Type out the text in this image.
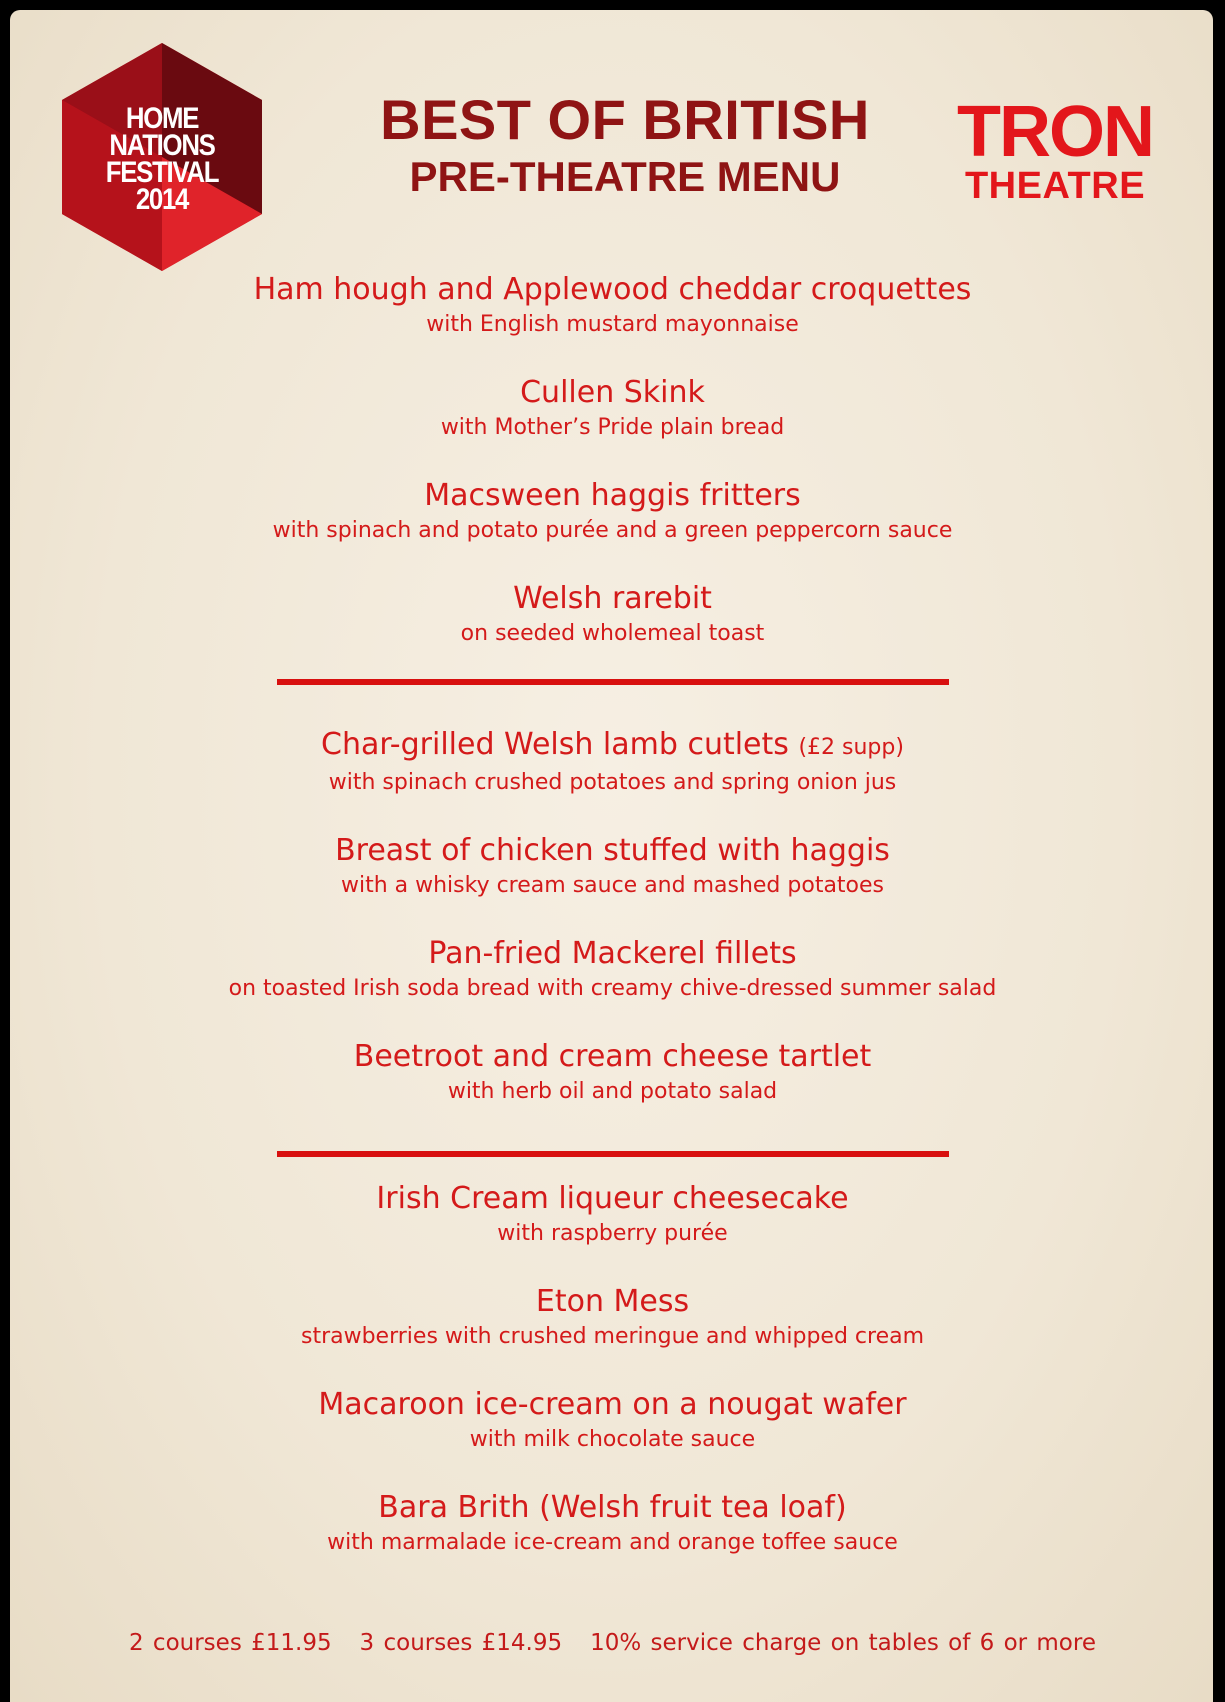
HOME
NATIONS
FESTIVAL
2014
BEST OF BRITISH
PRE-THEATRE MENU
TRON
THEATRE
Ham hough and Applewood cheddar croquettes
with English mustard mayonnaise
Cullen Skink
with Mother’s Pride plain bread
Macsween haggis fritters
with spinach and potato purée and a green peppercorn sauce
Welsh rarebit
on seeded wholemeal toast
Char-grilled Welsh lamb cutlets (£2 supp)
with spinach crushed potatoes and spring onion jus
Breast of chicken stuffed with haggis
with a whisky cream sauce and mashed potatoes
Pan-fried Mackerel fillets
on toasted Irish soda bread with creamy chive-dressed summer salad
Beetroot and cream cheese tartlet
with herb oil and potato salad
Irish Cream liqueur cheesecake
with raspberry purée
Eton Mess
strawberries with crushed meringue and whipped cream
Macaroon ice-cream on a nougat wafer
with milk chocolate sauce
Bara Brith (Welsh fruit tea loaf)
with marmalade ice-cream and orange toffee sauce
2 courses £11.95 3 courses £14.95 10% service charge on tables of 6 or more
